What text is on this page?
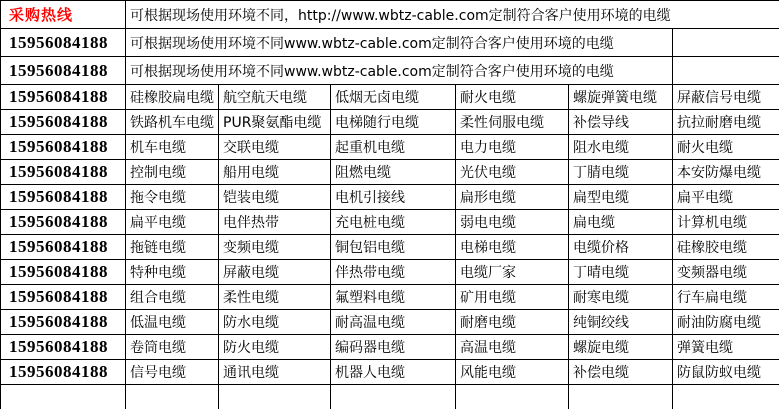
采购热线	可根据现场使用环境不同，http://www.wbtz-cable.com定制符合客户使用环境的电缆					
15956084188	可根据现场使用环境不同www.wbtz-cable.com定制符合客户使用环境的电缆					
15956084188	可根据现场使用环境不同www.wbtz-cable.com定制符合客户使用环境的电缆					
15956084188	硅橡胶扁电缆	航空航天电缆	低烟无卤电缆	耐火电缆	螺旋弹簧电缆	屏蔽信号电缆
15956084188	铁路机车电缆	PUR聚氨酯电缆	电梯随行电缆	柔性伺服电缆	补偿导线	抗拉耐磨电缆
15956084188	机车电缆	交联电缆	起重机电缆	电力电缆	阻水电缆	耐火电缆
15956084188	控制电缆	船用电缆	阻燃电缆	光伏电缆	丁腈电缆	本安防爆电缆
15956084188	拖令电缆	铠装电缆	电机引接线	扁形电缆	扁型电缆	扁平电缆
15956084188	扁平电缆	电伴热带	充电桩电缆	弱电电缆	扁电缆	计算机电缆
15956084188	拖链电缆	变频电缆	铜包铝电缆	电梯电缆	电缆价格	硅橡胶电缆
15956084188	特种电缆	屏蔽电缆	伴热带电缆	电缆厂家	丁晴电缆	变频器电缆
15956084188	组合电缆	柔性电缆	氟塑料电缆	矿用电缆	耐寒电缆	行车扁电缆
15956084188	低温电缆	防水电缆	耐高温电缆	耐磨电缆	纯铜绞线	耐油防腐电缆
15956084188	卷筒电缆	防火电缆	编码器电缆	高温电缆	螺旋电缆	弹簧电缆
15956084188	信号电缆	通讯电缆	机器人电缆	风能电缆	补偿电缆	防鼠防蚁电缆
